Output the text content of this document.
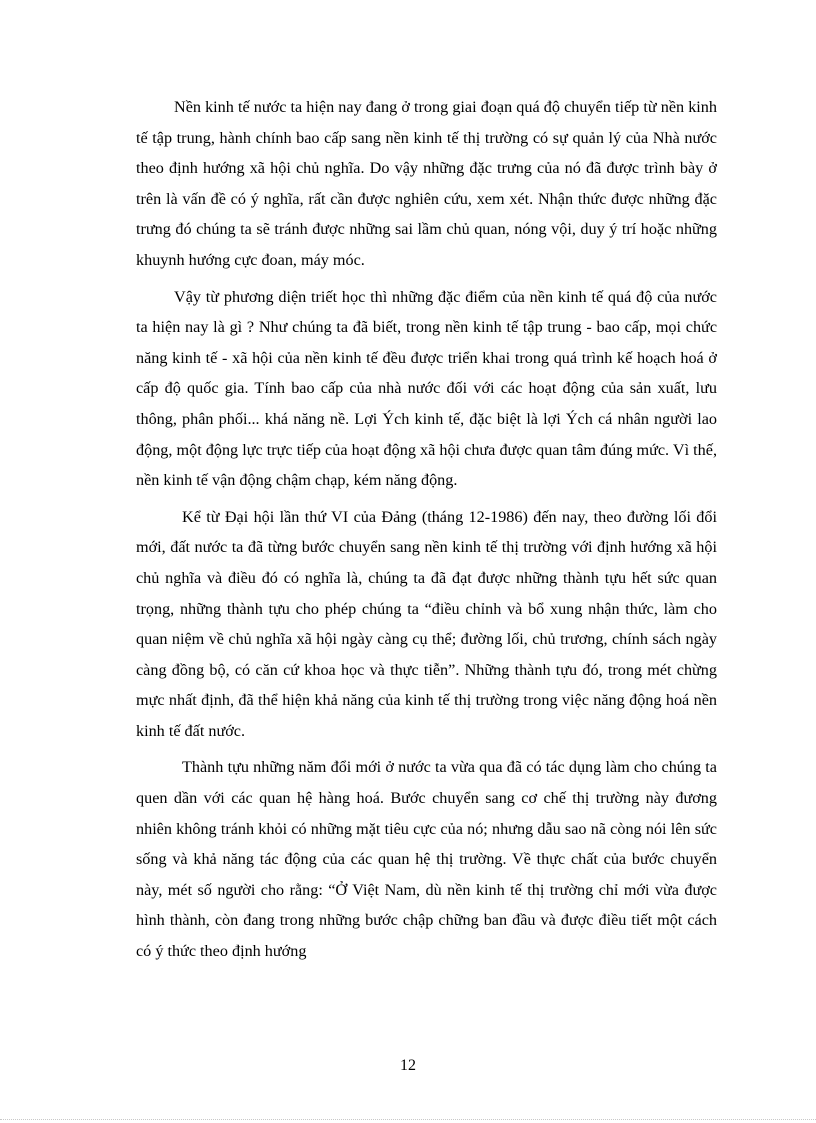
Nền kinh tế nước ta hiện nay đang ở trong giai đoạn quá độ chuyển tiếp từ nền kinh tế tập trung, hành chính bao cấp sang nền kinh tế thị trường có sự quản lý của Nhà nước theo định hướng xã hội chủ nghĩa. Do vậy những đặc trưng của nó đã được trình bày ở trên là vấn đề có ý nghĩa, rất cần được nghiên cứu, xem xét. Nhận thức được những đặc trưng đó chúng ta sẽ tránh được những sai lầm chủ quan, nóng vội, duy ý trí hoặc những khuynh hướng cực đoan, máy móc.

Vậy từ phương diện triết học thì những đặc điểm của nền kinh tế quá độ của nước ta hiện nay là gì ? Như chúng ta đã biết, trong nền kinh tế tập trung - bao cấp, mọi chức năng kinh tế - xã hội của nền kinh tế đều được triển khai trong quá trình kế hoạch hoá ở cấp độ quốc gia. Tính bao cấp của nhà nước đối với các hoạt động của sản xuất, lưu thông, phân phối... khá năng nề. Lợi Ých kinh tế, đặc biệt là lợi Ých cá nhân người lao động, một động lực trực tiếp của hoạt động xã hội chưa được quan tâm đúng mức. Vì thế, nền kinh tế vận động chậm chạp, kém năng động.

Kể từ Đại hội lần thứ VI của Đảng (tháng 12-1986) đến nay, theo đường lối đổi mới, đất nước ta đã từng bước chuyển sang nền kinh tế thị trường với định hướng xã hội chủ nghĩa và điều đó có nghĩa là, chúng ta đã đạt được những thành tựu hết sức quan trọng, những thành tựu cho phép chúng ta “điều chỉnh và bổ xung nhận thức, làm cho quan niệm về chủ nghĩa xã hội ngày càng cụ thể; đường lối, chủ trương, chính sách ngày càng đồng bộ, có căn cứ khoa học và thực tiễn”. Những thành tựu đó, trong mét chừng mực nhất định, đã thể hiện khả năng của kinh tế thị trường trong việc năng động hoá nền kinh tế đất nước.

Thành tựu những năm đổi mới ở nước ta vừa qua đã có tác dụng làm cho chúng ta quen dần với các quan hệ hàng hoá. Bước chuyển sang cơ chế thị trường này đương nhiên không tránh khỏi có những mặt tiêu cực của nó; nhưng dẫu sao nã còng nói lên sức sống và khả năng tác động của các quan hệ thị trường. Về thực chất của bước chuyển này, mét số người cho rằng: “Ở Việt Nam, dù nền kinh tế thị trường chỉ mới vừa được hình thành, còn đang trong những bước chập chững ban đầu và được điều tiết một cách có ý thức theo định hướng

12
